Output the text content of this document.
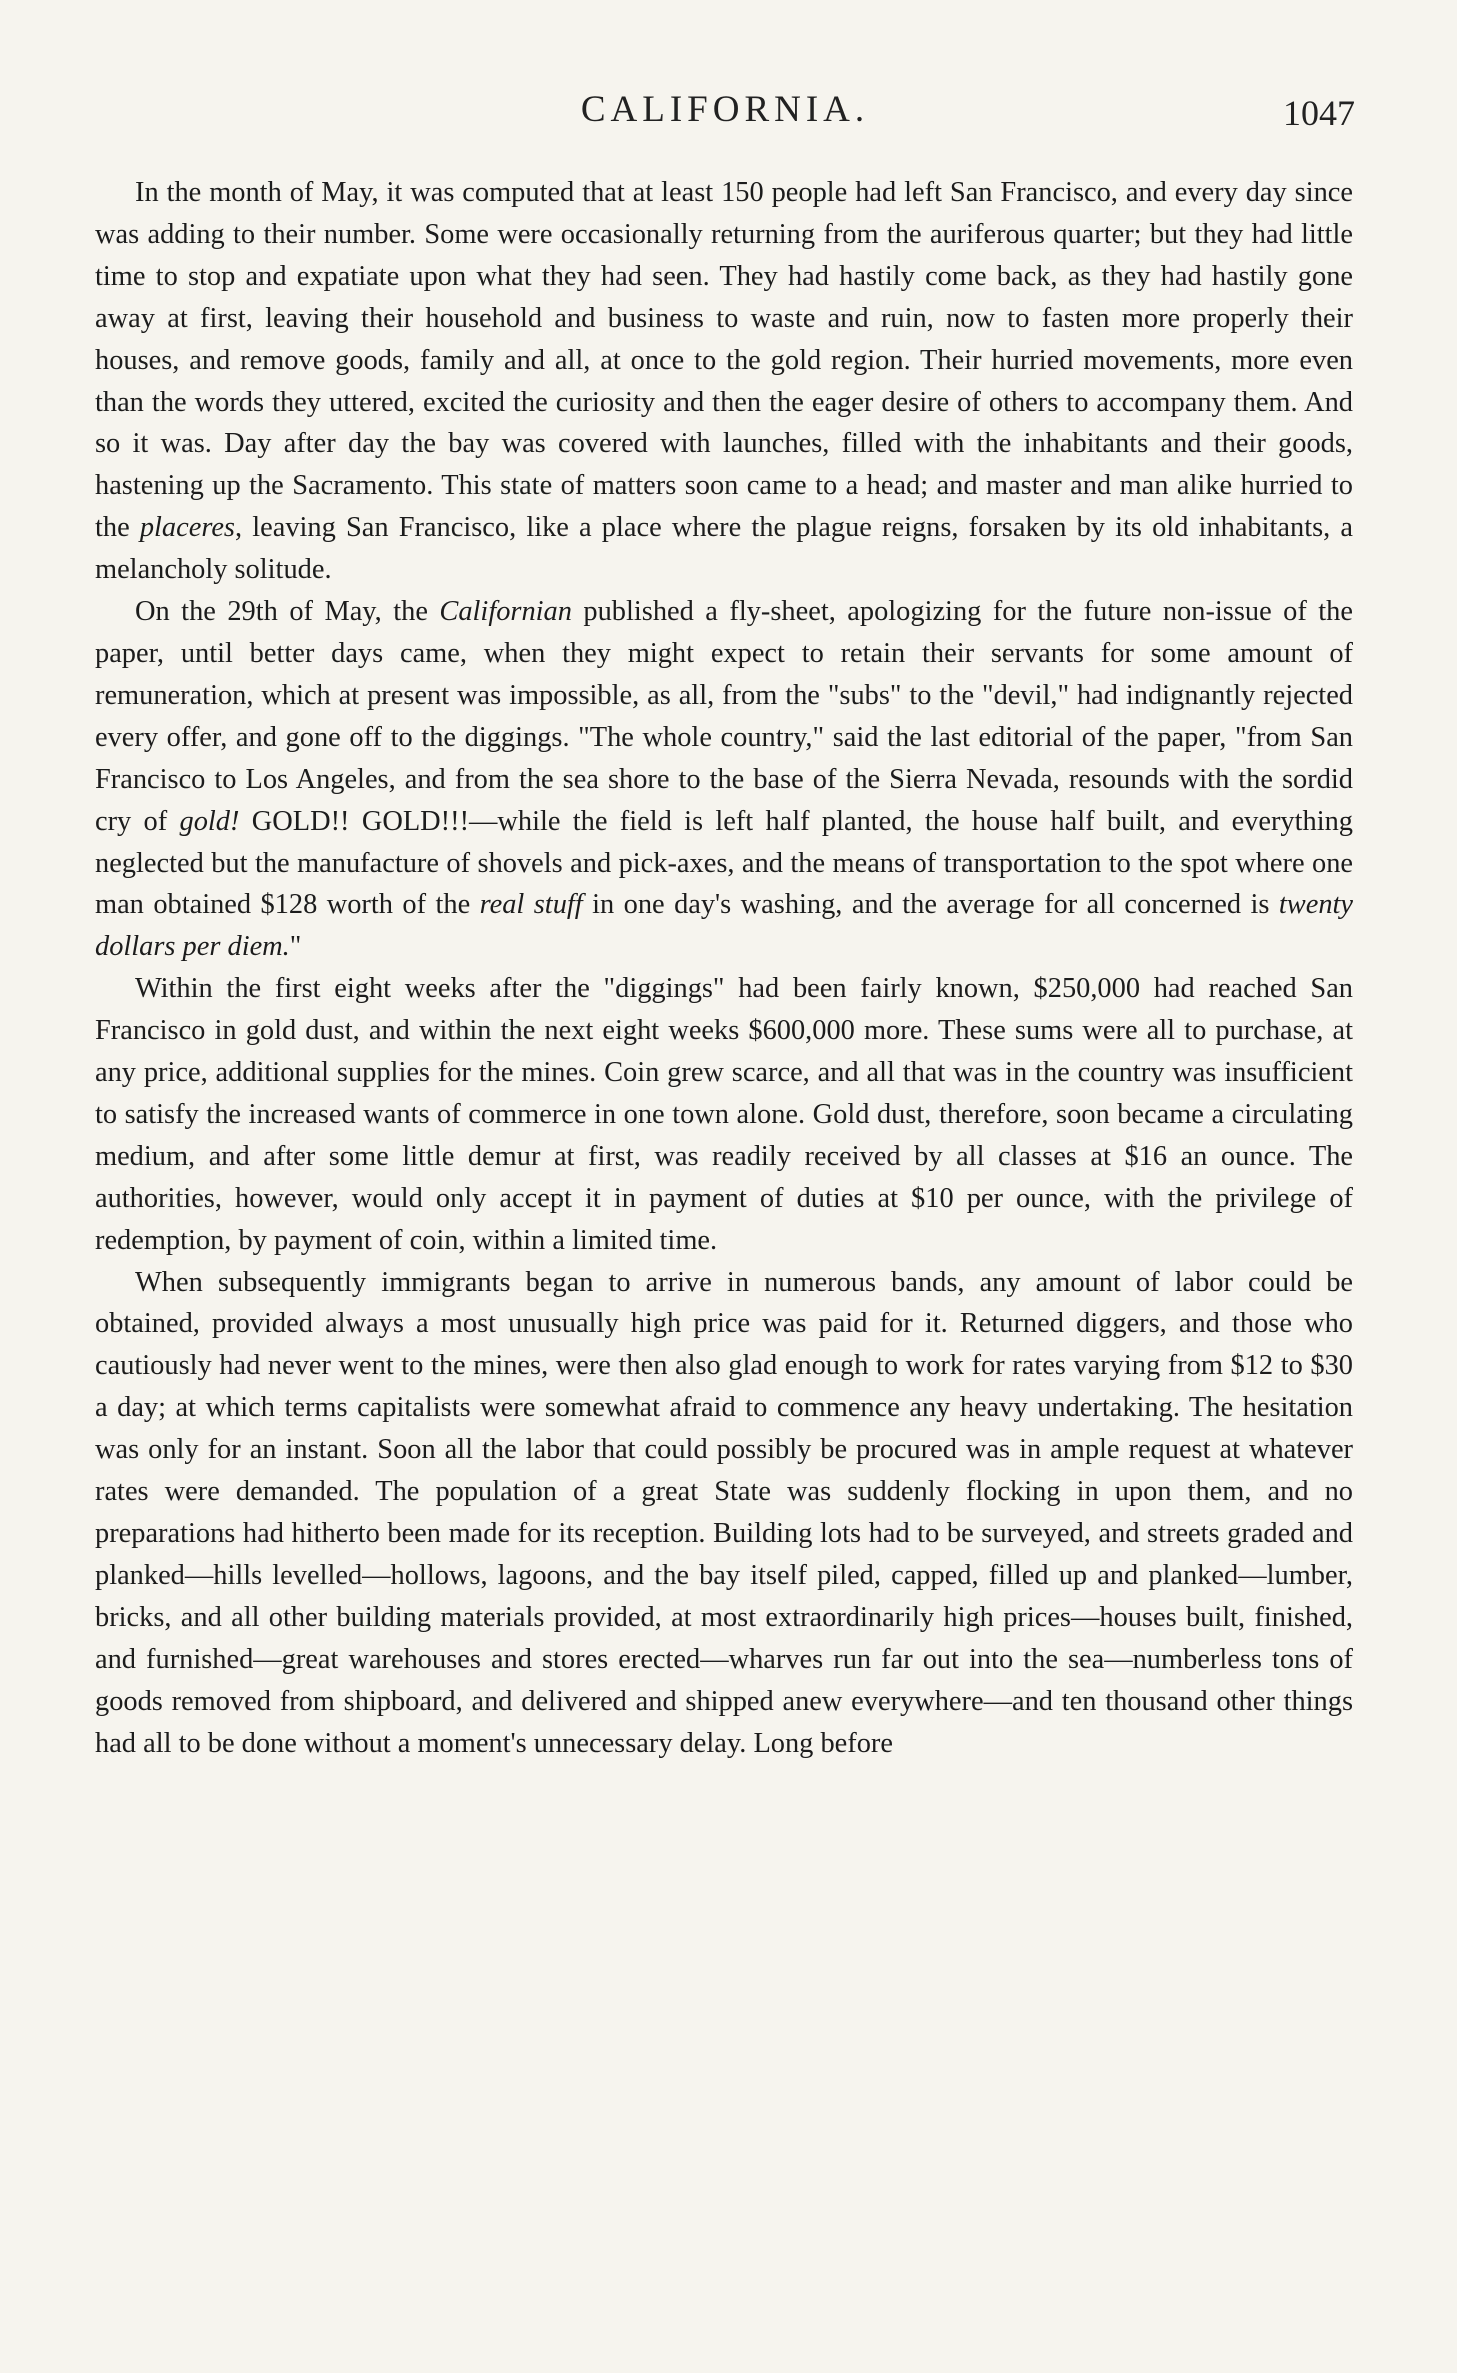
CALIFORNIA.	1047

In the month of May, it was computed that at least 150 people had left San Francisco, and every day since was adding to their number. Some were occasionally returning from the auriferous quarter; but they had little time to stop and expatiate upon what they had seen. They had hastily come back, as they had hastily gone away at first, leaving their household and business to waste and ruin, now to fasten more properly their houses, and remove goods, family and all, at once to the gold region. Their hurried movements, more even than the words they uttered, excited the curiosity and then the eager desire of others to accompany them. And so it was. Day after day the bay was covered with launches, filled with the inhabitants and their goods, hastening up the Sacramento. This state of matters soon came to a head; and master and man alike hurried to the placeres, leaving San Francisco, like a place where the plague reigns, forsaken by its old inhabitants, a melancholy solitude.

On the 29th of May, the Californian published a fly-sheet, apologizing for the future non-issue of the paper, until better days came, when they might expect to retain their servants for some amount of remuneration, which at present was impossible, as all, from the "subs" to the "devil," had indignantly rejected every offer, and gone off to the diggings. "The whole country," said the last editorial of the paper, "from San Francisco to Los Angeles, and from the sea shore to the base of the Sierra Nevada, resounds with the sordid cry of gold! GOLD!! GOLD!!!—while the field is left half planted, the house half built, and everything neglected but the manufacture of shovels and pick-axes, and the means of transportation to the spot where one man obtained $128 worth of the real stuff in one day's washing, and the average for all concerned is twenty dollars per diem."

Within the first eight weeks after the "diggings" had been fairly known, $250,000 had reached San Francisco in gold dust, and within the next eight weeks $600,000 more. These sums were all to purchase, at any price, additional supplies for the mines. Coin grew scarce, and all that was in the country was insufficient to satisfy the increased wants of commerce in one town alone. Gold dust, therefore, soon became a circulating medium, and after some little demur at first, was readily received by all classes at $16 an ounce. The authorities, however, would only accept it in payment of duties at $10 per ounce, with the privilege of redemption, by payment of coin, within a limited time.

When subsequently immigrants began to arrive in numerous bands, any amount of labor could be obtained, provided always a most unusually high price was paid for it. Returned diggers, and those who cautiously had never went to the mines, were then also glad enough to work for rates varying from $12 to $30 a day; at which terms capitalists were somewhat afraid to commence any heavy undertaking. The hesitation was only for an instant. Soon all the labor that could possibly be procured was in ample request at whatever rates were demanded. The population of a great State was suddenly flocking in upon them, and no preparations had hitherto been made for its reception. Building lots had to be surveyed, and streets graded and planked—hills levelled—hollows, lagoons, and the bay itself piled, capped, filled up and planked—lumber, bricks, and all other building materials provided, at most extraordinarily high prices—houses built, finished, and furnished—great warehouses and stores erected—wharves run far out into the sea—numberless tons of goods removed from shipboard, and delivered and shipped anew everywhere—and ten thousand other things had all to be done without a moment's unnecessary delay. Long before
